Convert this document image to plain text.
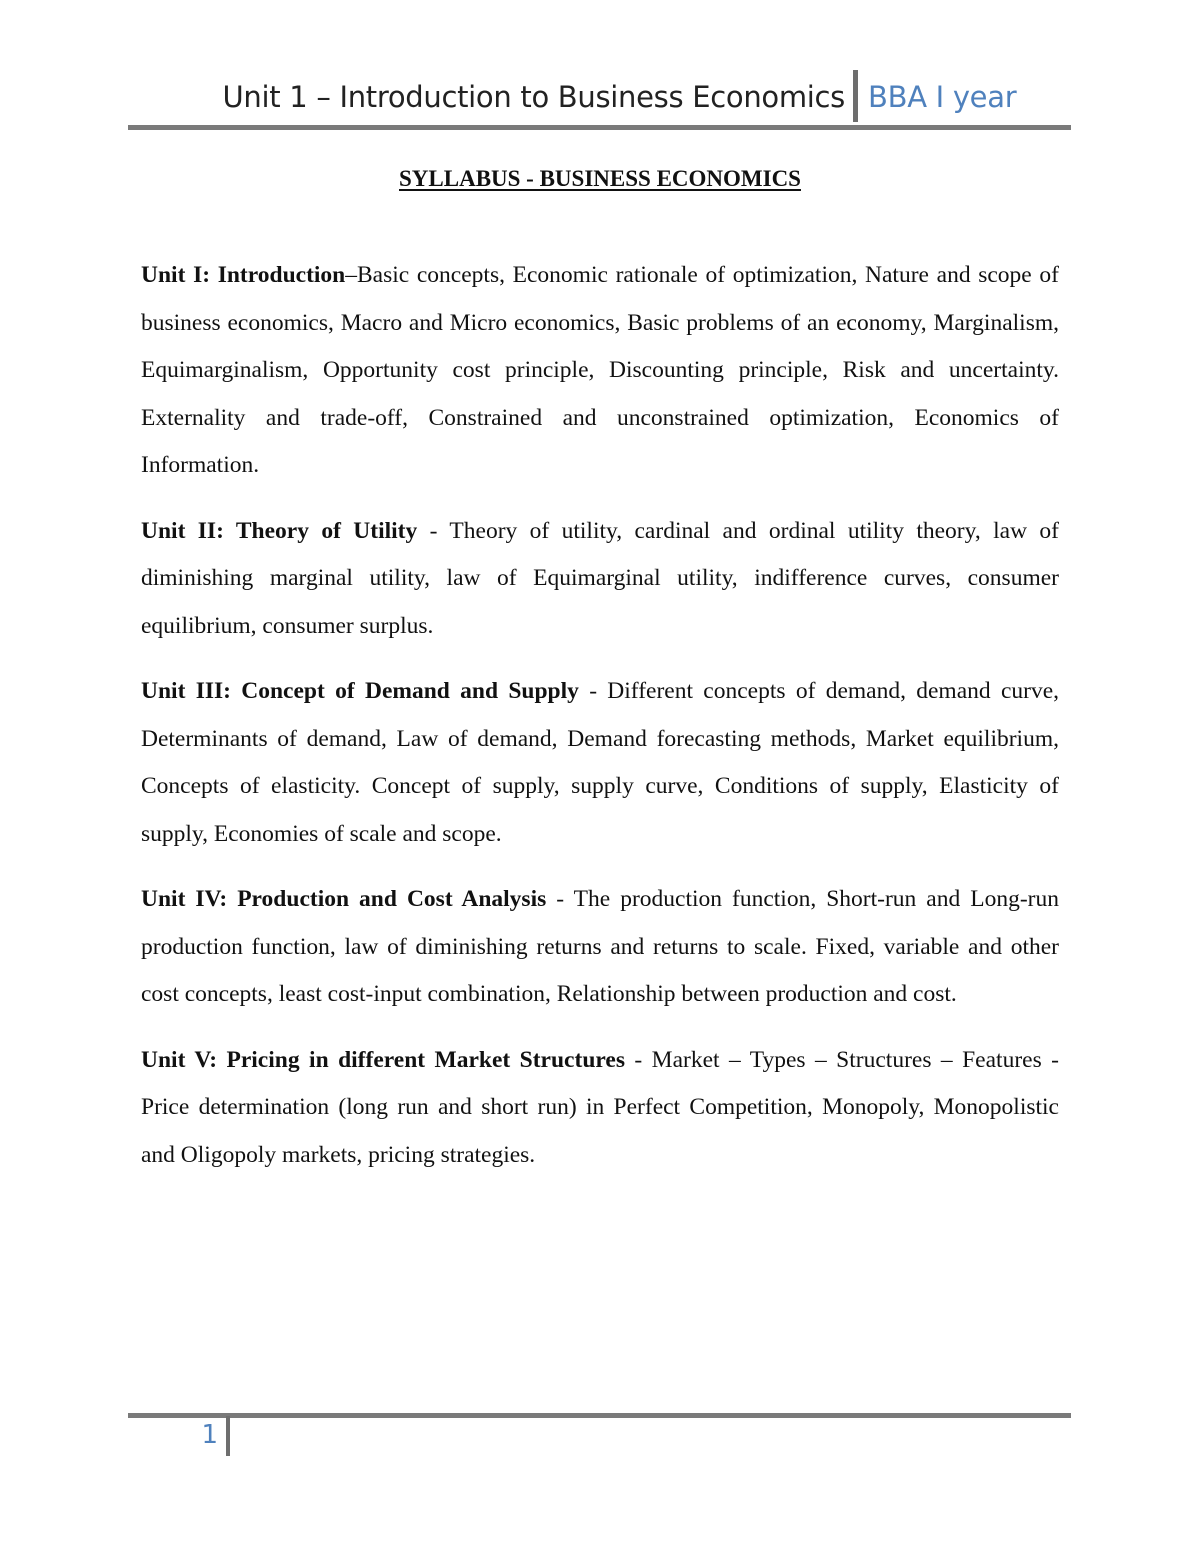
Unit 1 – Introduction to Business Economics BBA I year
SYLLABUS - BUSINESS ECONOMICS

Unit I: Introduction–Basic concepts, Economic rationale of optimization, Nature and scope of business economics, Macro and Micro economics, Basic problems of an economy, Marginalism, Equimarginalism, Opportunity cost principle, Discounting principle, Risk and uncertainty. Externality and trade-off, Constrained and unconstrained optimization, Economics of Information.

Unit II: Theory of Utility - Theory of utility, cardinal and ordinal utility theory, law of diminishing marginal utility, law of Equimarginal utility, indifference curves, consumer equilibrium, consumer surplus.

Unit III: Concept of Demand and Supply - Different concepts of demand, demand curve, Determinants of demand, Law of demand, Demand forecasting methods, Market equilibrium, Concepts of elasticity. Concept of supply, supply curve, Conditions of supply, Elasticity of supply, Economies of scale and scope.

Unit IV: Production and Cost Analysis - The production function, Short-run and Long-run production function, law of diminishing returns and returns to scale. Fixed, variable and other cost concepts, least cost-input combination, Relationship between production and cost.

Unit V: Pricing in different Market Structures - Market – Types – Structures – Features - Price determination (long run and short run) in Perfect Competition, Monopoly, Monopolistic and Oligopoly markets, pricing strategies.

1
